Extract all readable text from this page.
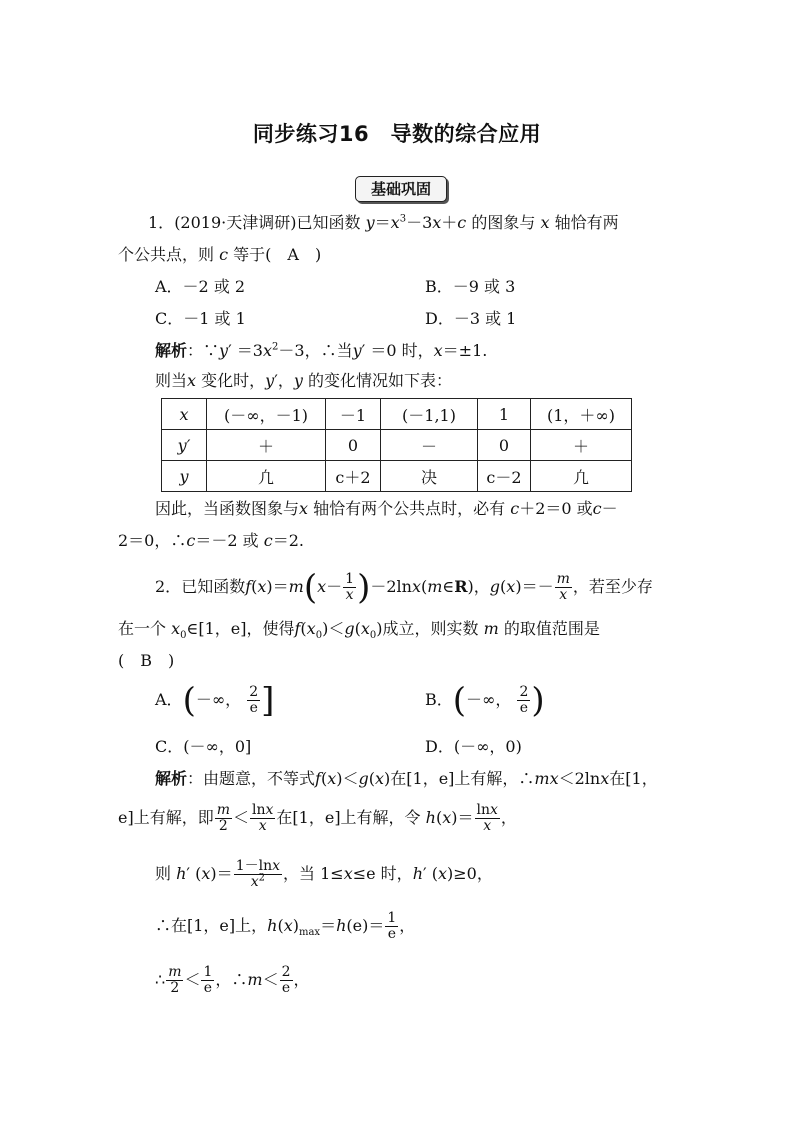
同步练习16　导数的综合应用
基础巩固
1．(2019·天津调研)已知函数 $y=x^3-3x+c$ 的图象与 x 轴恰有两
个公共点，则 c 等于(　A　)
A．－2 或 2	B．－9 或 3
C．－1 或 1	D．－3 或 1
解析：∵y′ $=3x^2-3$，∴当y′ ＝0 时，x＝±1.
则当x 变化时，y′，y 的变化情况如下表：
x	(－∞，－1)	－1	(－1,1)	1	(1，＋∞)
y′	＋	0	－	0	＋
y	凢	c＋2	决	c－2	凢
因此，当函数图象与x 轴恰有两个公共点时，必有 c＋2＝0 或c－
2＝0，∴c＝－2 或 c＝2.
2．已知函数$f(x)=m(x- \frac{1}{x}$ )－2lnx(m∈R)，$g(x)=- \frac{m}{x}$ ，若至少存
在一个 $x_0\in[1$，e]，使得$f(x_0)<g(x_0)$成立，则实数 m 的取值范围是
(　B　)
A．(－∞， $\frac{2}{e}$ ]	B．(－∞， $\frac{2}{e}$ )
C．(－∞，0]	D．(－∞，0)
解析：由题意，不等式f(x)＜g(x)在[1，e]上有解，∴mx＜2lnx在[1，
e]上有解，即 $\frac{m}{2} < \frac{\ln x}{x}$ 在[1，e]上有解，令 $h(x)= \frac{\ln x}{x}$ ，
则 h′ $(x)= \frac{1-\ln x}{x^2}$ ，当 1≤x≤e 时，h′ (x)≥0，
∴在[1，e]上，$h(x)_{max}=h(e)= \frac{1}{e}$ ，
∴ $\frac{m}{2} < \frac{1}{e}$ ，∴m＜ $\frac{2}{e}$ ，
